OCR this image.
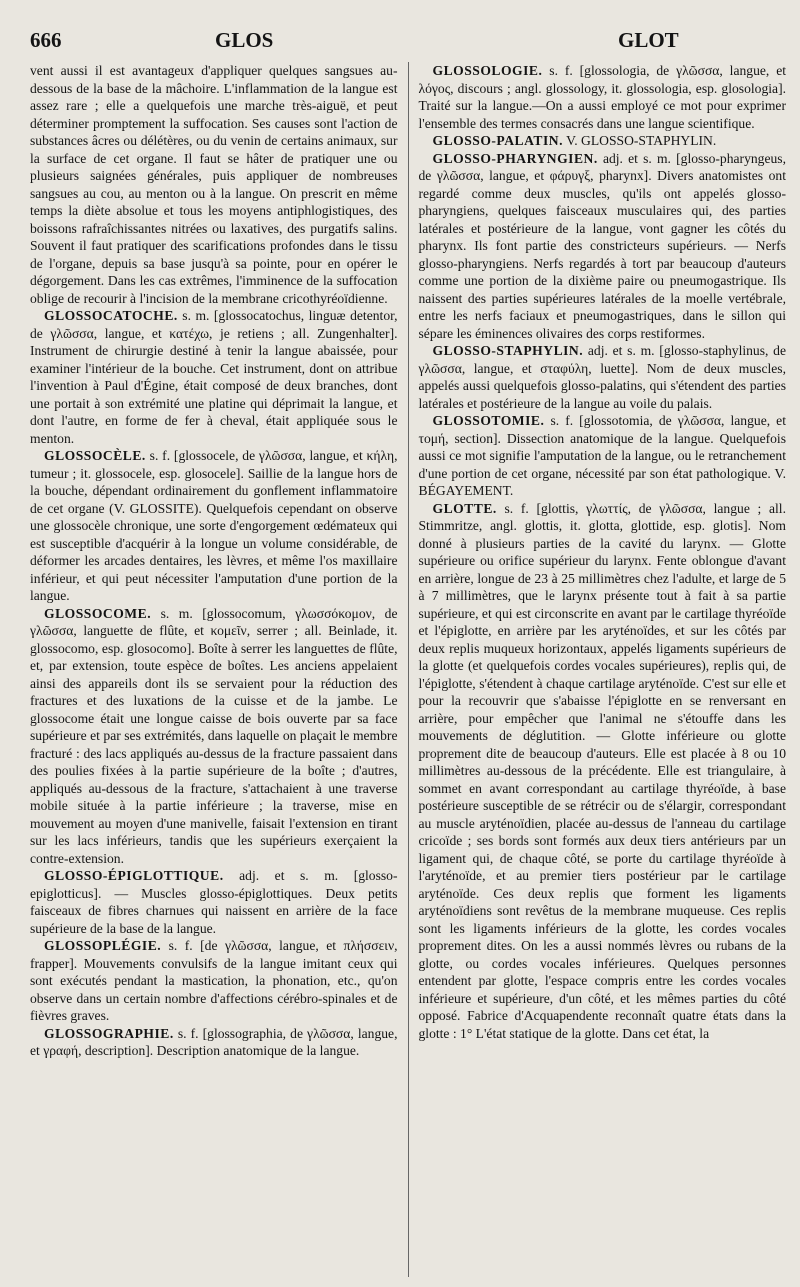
666	GLOS	GLOT

vent aussi il est avantageux d'appliquer quelques sangsues au-dessous de la base de la mâchoire. L'inflammation de la langue est assez rare ; elle a quelquefois une marche très-aiguë, et peut déterminer promptement la suffocation. Ses causes sont l'action de substances âcres ou délétères, ou du venin de certains animaux, sur la surface de cet organe. Il faut se hâter de pratiquer une ou plusieurs saignées générales, puis appliquer de nombreuses sangsues au cou, au menton ou à la langue. On prescrit en même temps la diète absolue et tous les moyens antiphlogistiques, des boissons rafraîchissantes nitrées ou laxatives, des purgatifs salins. Souvent il faut pratiquer des scarifications profondes dans le tissu de l'organe, depuis sa base jusqu'à sa pointe, pour en opérer le dégorgement. Dans les cas extrêmes, l'imminence de la suffocation oblige de recourir à l'incision de la membrane cricothyréoïdienne.

GLOSSOCATOCHE. s. m. [glossocatochus, linguæ detentor, de γλῶσσα, langue, et κατέχω, je retiens ; all. Zungenhalter]. Instrument de chirurgie destiné à tenir la langue abaissée, pour examiner l'intérieur de la bouche. Cet instrument, dont on attribue l'invention à Paul d'Égine, était composé de deux branches, dont une portait à son extrémité une platine qui déprimait la langue, et dont l'autre, en forme de fer à cheval, était appliquée sous le menton.

GLOSSOCÈLE. s. f. [glossocele, de γλῶσσα, langue, et κήλη, tumeur ; it. glossocele, esp. glosocele]. Saillie de la langue hors de la bouche, dépendant ordinairement du gonflement inflammatoire de cet organe (V. GLOSSITE). Quelquefois cependant on observe une glossocèle chronique, une sorte d'engorgement œdémateux qui est susceptible d'acquérir à la longue un volume considérable, de déformer les arcades dentaires, les lèvres, et même l'os maxillaire inférieur, et qui peut nécessiter l'amputation d'une portion de la langue.

GLOSSOCOME. s. m. [glossocomum, γλωσσόκομον, de γλῶσσα, languette de flûte, et κομεῖν, serrer ; all. Beinlade, it. glossocomo, esp. glosocomo]. Boîte à serrer les languettes de flûte, et, par extension, toute espèce de boîtes. Les anciens appelaient ainsi des appareils dont ils se servaient pour la réduction des fractures et des luxations de la cuisse et de la jambe. Le glossocome était une longue caisse de bois ouverte par sa face supérieure et par ses extrémités, dans laquelle on plaçait le membre fracturé : des lacs appliqués au-dessus de la fracture passaient dans des poulies fixées à la partie supérieure de la boîte ; d'autres, appliqués au-dessous de la fracture, s'attachaient à une traverse mobile située à la partie inférieure ; la traverse, mise en mouvement au moyen d'une manivelle, faisait l'extension en tirant sur les lacs inférieurs, tandis que les supérieurs exerçaient la contre-extension.

GLOSSO-ÉPIGLOTTIQUE. adj. et s. m. [glosso-epiglotticus]. — Muscles glosso-épiglottiques. Deux petits faisceaux de fibres charnues qui naissent en arrière de la face supérieure de la base de la langue.

GLOSSOPLÉGIE. s. f. [de γλῶσσα, langue, et πλήσσειν, frapper]. Mouvements convulsifs de la langue imitant ceux qui sont exécutés pendant la mastication, la phonation, etc., qu'on observe dans un certain nombre d'affections cérébro-spinales et de fièvres graves.

GLOSSOGRAPHIE. s. f. [glossographia, de γλῶσσα, langue, et γραφή, description]. Description anatomique de la langue.

GLOSSOLOGIE. s. f. [glossologia, de γλῶσσα, langue, et λόγος, discours ; angl. glossology, it. glossologia, esp. glosologia]. Traité sur la langue.—On a aussi employé ce mot pour exprimer l'ensemble des termes consacrés dans une langue scientifique.

GLOSSO-PALATIN. V. GLOSSO-STAPHYLIN.

GLOSSO-PHARYNGIEN. adj. et s. m. [glosso-pharyngeus, de γλῶσσα, langue, et φάρυγξ, pharynx]. Divers anatomistes ont regardé comme deux muscles, qu'ils ont appelés glosso-pharyngiens, quelques faisceaux musculaires qui, des parties latérales et postérieure de la langue, vont gagner les côtés du pharynx. Ils font partie des constricteurs supérieurs. — Nerfs glosso-pharyngiens. Nerfs regardés à tort par beaucoup d'auteurs comme une portion de la dixième paire ou pneumogastrique. Ils naissent des parties supérieures latérales de la moelle vertébrale, entre les nerfs faciaux et pneumogastriques, dans le sillon qui sépare les éminences olivaires des corps restiformes.

GLOSSO-STAPHYLIN. adj. et s. m. [glosso-staphylinus, de γλῶσσα, langue, et σταφύλη, luette]. Nom de deux muscles, appelés aussi quelquefois glosso-palatins, qui s'étendent des parties latérales et postérieure de la langue au voile du palais.

GLOSSOTOMIE. s. f. [glossotomia, de γλῶσσα, langue, et τομή, section]. Dissection anatomique de la langue. Quelquefois aussi ce mot signifie l'amputation de la langue, ou le retranchement d'une portion de cet organe, nécessité par son état pathologique. V. BÉGAYEMENT.

GLOTTE. s. f. [glottis, γλωττίς, de γλῶσσα, langue ; all. Stimmritze, angl. glottis, it. glotta, glottide, esp. glotis]. Nom donné à plusieurs parties de la cavité du larynx. — Glotte supérieure ou orifice supérieur du larynx. Fente oblongue d'avant en arrière, longue de 23 à 25 millimètres chez l'adulte, et large de 5 à 7 millimètres, que le larynx présente tout à fait à sa partie supérieure, et qui est circonscrite en avant par le cartilage thyréoïde et l'épiglotte, en arrière par les aryténoïdes, et sur les côtés par deux replis muqueux horizontaux, appelés ligaments supérieurs de la glotte (et quelquefois cordes vocales supérieures), replis qui, de l'épiglotte, s'étendent à chaque cartilage aryténoïde. C'est sur elle et pour la recouvrir que s'abaisse l'épiglotte en se renversant en arrière, pour empêcher que l'animal ne s'étouffe dans les mouvements de déglutition. — Glotte inférieure ou glotte proprement dite de beaucoup d'auteurs. Elle est placée à 8 ou 10 millimètres au-dessous de la précédente. Elle est triangulaire, à sommet en avant correspondant au cartilage thyréoïde, à base postérieure susceptible de se rétrécir ou de s'élargir, correspondant au muscle aryténoïdien, placée au-dessus de l'anneau du cartilage cricoïde ; ses bords sont formés aux deux tiers antérieurs par un ligament qui, de chaque côté, se porte du cartilage thyréoïde à l'aryténoïde, et au premier tiers postérieur par le cartilage aryténoïde. Ces deux replis que forment les ligaments aryténoïdiens sont revêtus de la membrane muqueuse. Ces replis sont les ligaments inférieurs de la glotte, les cordes vocales proprement dites. On les a aussi nommés lèvres ou rubans de la glotte, ou cordes vocales inférieures. Quelques personnes entendent par glotte, l'espace compris entre les cordes vocales inférieure et supérieure, d'un côté, et les mêmes parties du côté opposé. Fabrice d'Acquapendente reconnaît quatre états dans la glotte : 1° L'état statique de la glotte. Dans cet état, la
